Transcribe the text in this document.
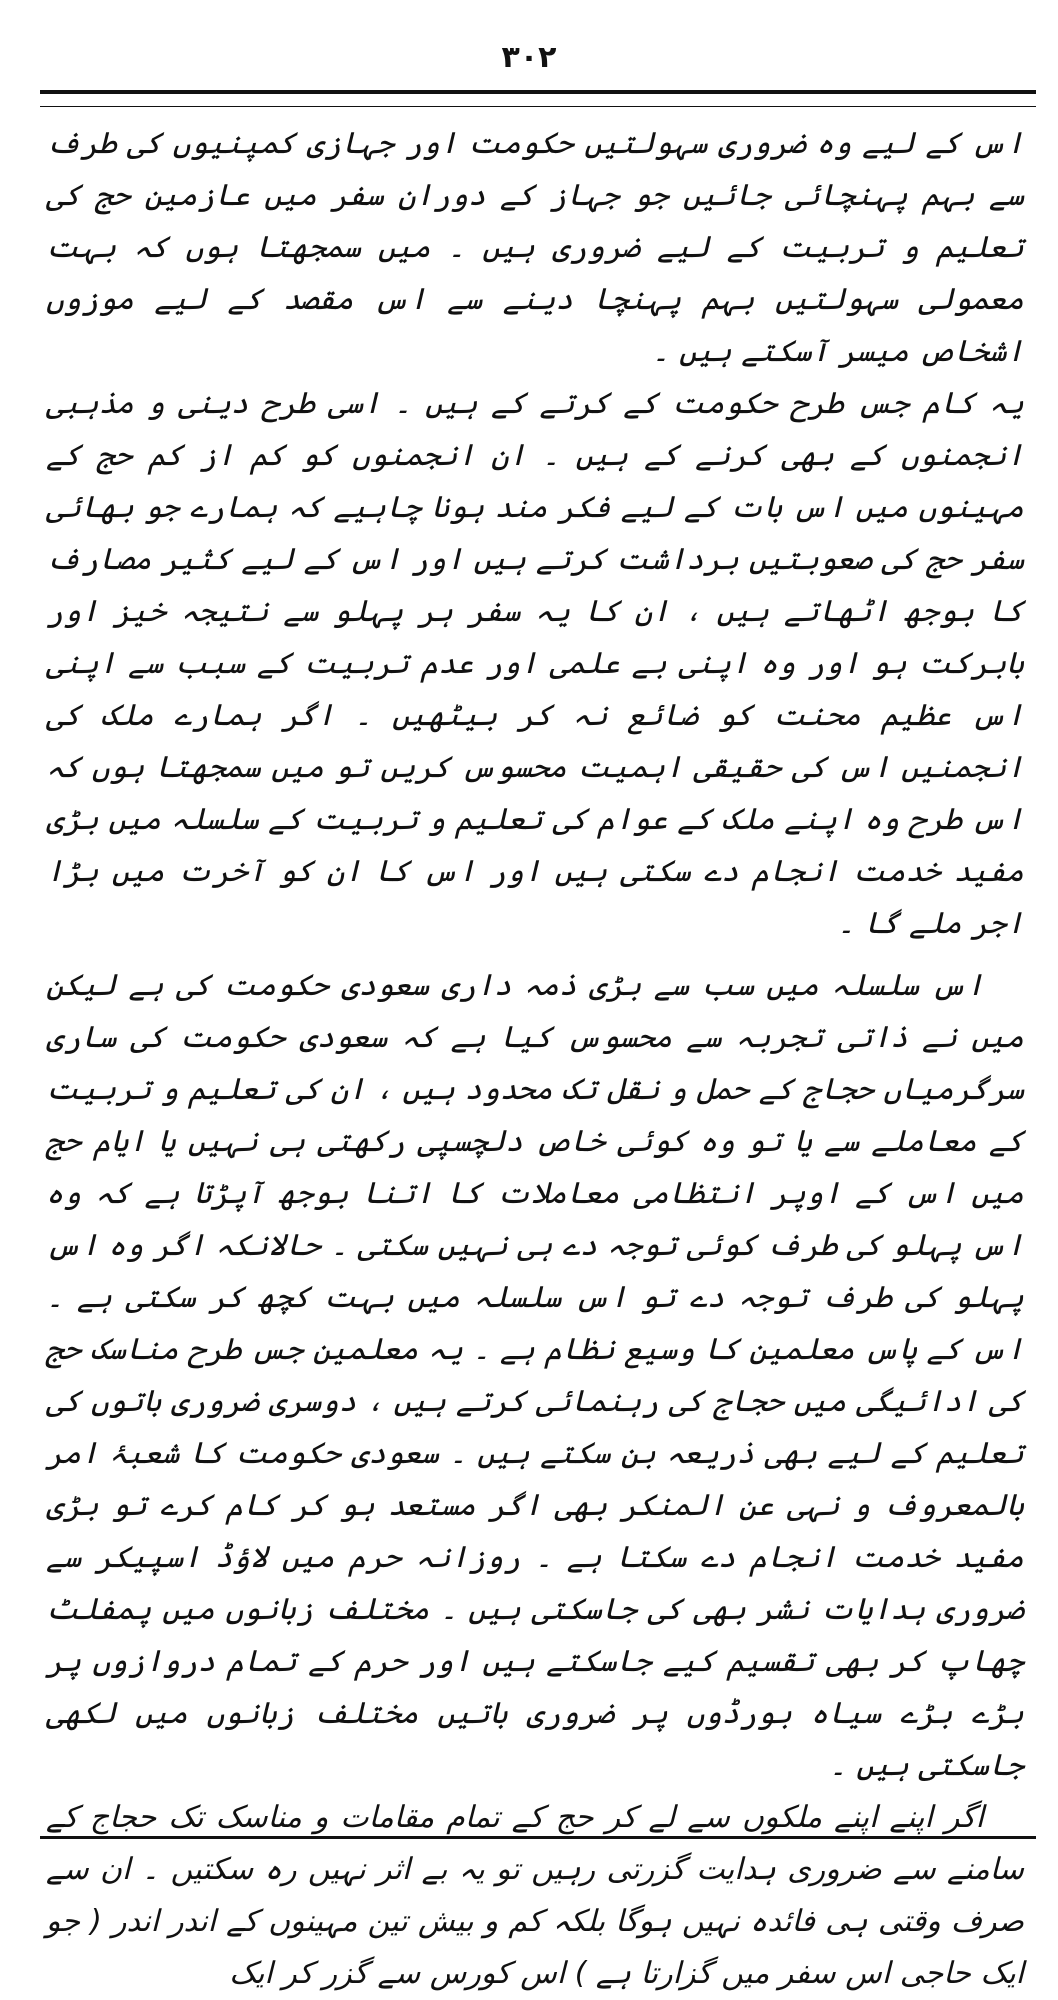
۳۰۲

اس کے لیے وہ ضروری سہولتیں حکومت اور جہازی کمپنیوں کی طرف سے بہم پہنچائی جائیں جو جہاز کے دوران سفر میں عازمین حج کی تعلیم و تربیت کے لیے ضروری ہیں ۔ میں سمجھتا ہوں کہ بہت معمولی سہولتیں بہم پہنچا دینے سے اس مقصد کے لیے موزوں اشخاص میسر آسکتے ہیں ۔

یہ کام جس طرح حکومت کے کرتے کے ہیں ۔ اسی طرح دینی و مذہبی انجمنوں کے بھی کرنے کے ہیں ۔ ان انجمنوں کو کم از کم حج کے مہینوں میں اس بات کے لیے فکر مند ہونا چاہیے کہ ہمارے جو بھائی سفر حج کی صعوبتیں برداشت کرتے ہیں اور اس کے لیے کثیر مصارف کا بوجھ اٹھاتے ہیں ، ان کا یہ سفر ہر پہلو سے نتیجہ خیز اور بابرکت ہو اور وہ اپنی بے علمی اور عدم تربیت کے سبب سے اپنی اس عظیم محنت کو ضائع نہ کر بیٹھیں ۔ اگر ہمارے ملک کی انجمنیں اس کی حقیقی اہمیت محسوس کریں تو میں سمجھتا ہوں کہ اس طرح وہ اپنے ملک کے عوام کی تعلیم و تربیت کے سلسلہ میں بڑی مفید خدمت انجام دے سکتی ہیں اور اس کا ان کو آخرت میں بڑا اجر ملے گا ۔

اس سلسلہ میں سب سے بڑی ذمہ داری سعودی حکومت کی ہے لیکن میں نے ذاتی تجربہ سے محسوس کیا ہے کہ سعودی حکومت کی ساری سرگرمیاں حجاج کے حمل و نقل تک محدود ہیں ، ان کی تعلیم و تربیت کے معاملے سے یا تو وہ کوئی خاص دلچسپی رکھتی ہی نہیں یا ایام حج میں اس کے اوپر انتظامی معاملات کا اتنا بوجھ آپڑتا ہے کہ وہ اس پہلو کی طرف کوئی توجہ دے ہی نہیں سکتی ۔ حالانکہ اگر وہ اس پہلو کی طرف توجہ دے تو اس سلسلہ میں بہت کچھ کر سکتی ہے ۔ اس کے پاس معلمین کا وسیع نظام ہے ۔ یہ معلمین جس طرح مناسک حج کی ادائیگی میں حجاج کی رہنمائی کرتے ہیں ، دوسری ضروری باتوں کی تعلیم کے لیے بھی ذریعہ بن سکتے ہیں ۔ سعودی حکومت کا شعبۂ امر بالمعروف و نہی عن المنکر بھی اگر مستعد ہو کر کام کرے تو بڑی مفید خدمت انجام دے سکتا ہے ۔ روزانہ حرم میں لاؤڈ اسپیکر سے ضروری ہدایات نشر بھی کی جاسکتی ہیں ۔ مختلف زبانوں میں پمفلٹ چھاپ کر بھی تقسیم کیے جاسکتے ہیں اور حرم کے تمام دروازوں پر بڑے بڑے سیاہ بورڈوں پر ضروری باتیں مختلف زبانوں میں لکھی جاسکتی ہیں ۔

اگر اپنے اپنے ملکوں سے لے کر حج کے تمام مقامات و مناسک تک حجاج کے سامنے سے ضروری ہدایت گزرتی رہیں تو یہ بے اثر نہیں رہ سکتیں ۔ ان سے صرف وقتی ہی فائدہ نہیں ہوگا بلکہ کم و بیش تین مہینوں کے اندر اندر ( جو ایک حاجی اس سفر میں گزارتا ہے ) اس کورس سے گزر کر ایک
